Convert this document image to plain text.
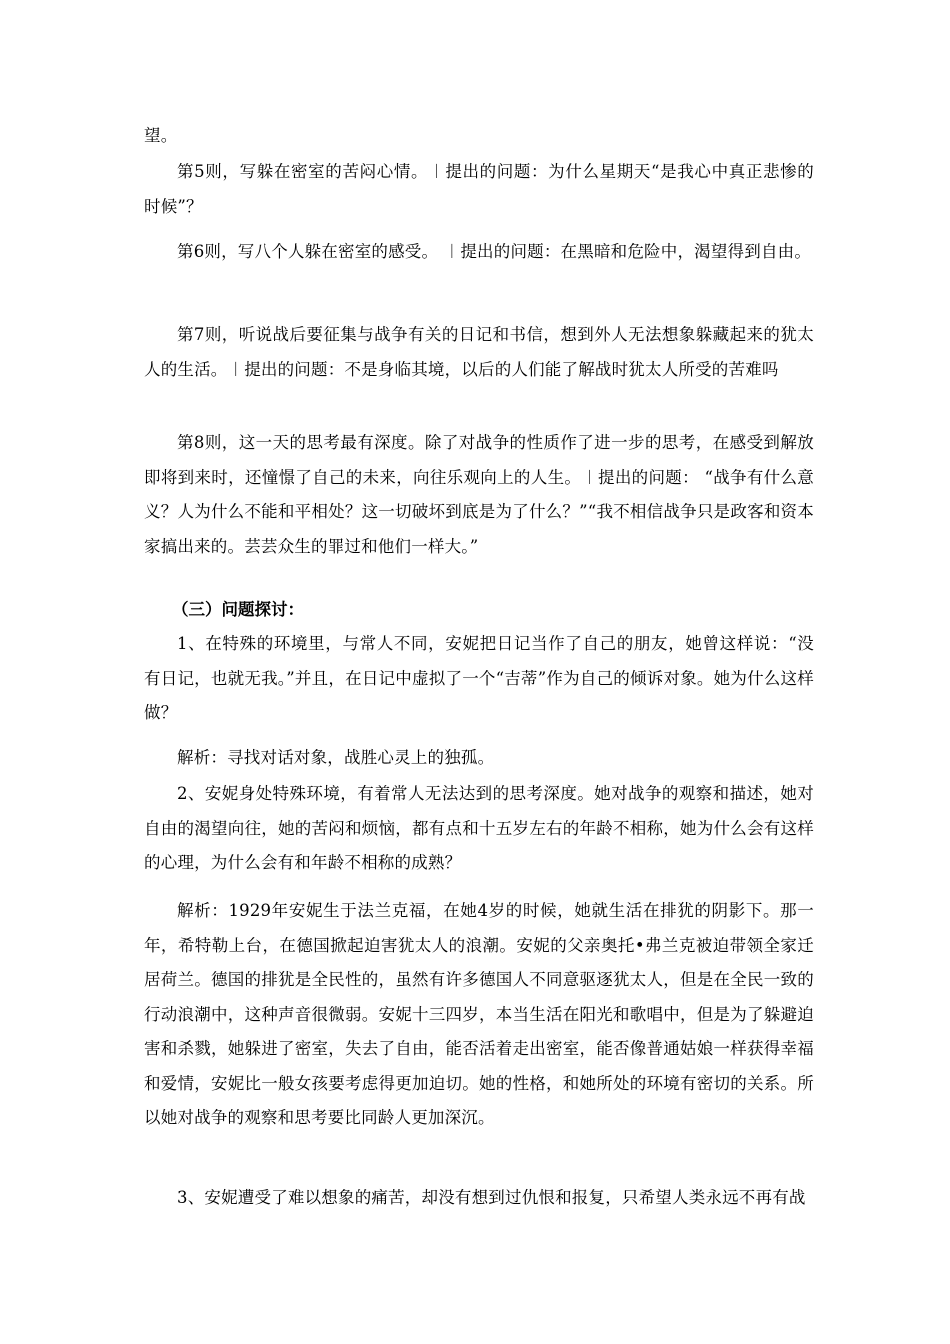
望。

第5则，写躲在密室的苦闷心情。︱提出的问题：为什么星期天“是我心中真正悲惨的时候”？

第6则，写八个人躲在密室的感受。 ︱提出的问题：在黑暗和危险中，渴望得到自由。

第7则，听说战后要征集与战争有关的日记和书信，想到外人无法想象躲藏起来的犹太人的生活。︱提出的问题：不是身临其境，以后的人们能了解战时犹太人所受的苦难吗

第8则，这一天的思考最有深度。除了对战争的性质作了进一步的思考，在感受到解放即将到来时，还憧憬了自己的未来，向往乐观向上的人生。︱提出的问题： “战争有什么意义？人为什么不能和平相处？这一切破坏到底是为了什么？”“我不相信战争只是政客和资本家搞出来的。芸芸众生的罪过和他们一样大。”

（三）问题探讨：

1、在特殊的环境里，与常人不同，安妮把日记当作了自己的朋友，她曾这样说：“没有日记，也就无我。”并且，在日记中虚拟了一个“吉蒂”作为自己的倾诉对象。她为什么这样做？

解析：寻找对话对象，战胜心灵上的独孤。

2、安妮身处特殊环境，有着常人无法达到的思考深度。她对战争的观察和描述，她对自由的渴望向往，她的苦闷和烦恼，都有点和十五岁左右的年龄不相称，她为什么会有这样的心理，为什么会有和年龄不相称的成熟？

解析：1929年安妮生于法兰克福，在她4岁的时候，她就生活在排犹的阴影下。那一年，希特勒上台，在德国掀起迫害犹太人的浪潮。安妮的父亲奥托•弗兰克被迫带领全家迁居荷兰。德国的排犹是全民性的，虽然有许多德国人不同意驱逐犹太人，但是在全民一致的行动浪潮中，这种声音很微弱。安妮十三四岁，本当生活在阳光和歌唱中，但是为了躲避迫害和杀戮，她躲进了密室，失去了自由，能否活着走出密室，能否像普通姑娘一样获得幸福和爱情，安妮比一般女孩要考虑得更加迫切。她的性格，和她所处的环境有密切的关系。所以她对战争的观察和思考要比同龄人更加深沉。

3、安妮遭受了难以想象的痛苦，却没有想到过仇恨和报复，只希望人类永远不再有战
